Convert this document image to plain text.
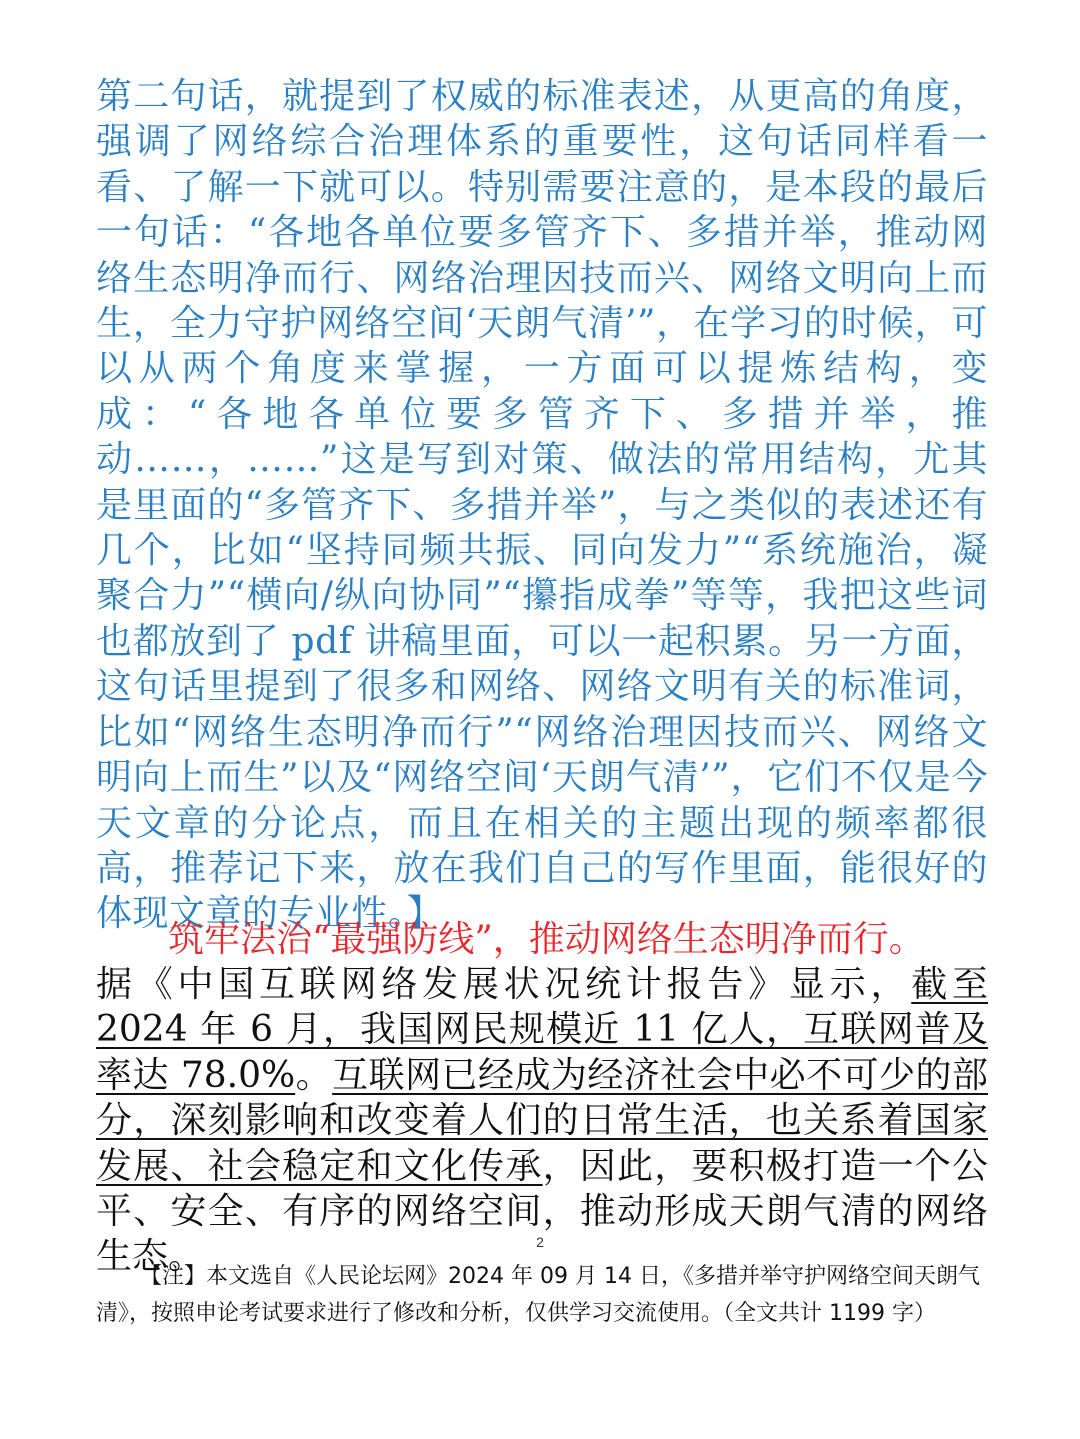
第二句话，就提到了权威的标准表述，从更高的角度，强调了网络综合治理体系的重要性，这句话同样看一看、了解一下就可以。特别需要注意的，是本段的最后一句话：“各地各单位要多管齐下、多措并举，推动网络生态明净而行、网络治理因技而兴、网络文明向上而生，全力守护网络空间‘天朗气清’”，在学习的时候，可以从两个角度来掌握，一方面可以提炼结构，变成：“各地各单位要多管齐下、多措并举，推动……，……”这是写到对策、做法的常用结构，尤其是里面的“多管齐下、多措并举”，与之类似的表述还有几个，比如“坚持同频共振、同向发力”“系统施治，凝聚合力”“横向/纵向协同”“攥指成拳”等等，我把这些词也都放到了 pdf 讲稿里面，可以一起积累。另一方面，这句话里提到了很多和网络、网络文明有关的标准词，比如“网络生态明净而行”“网络治理因技而兴、网络文明向上而生”以及“网络空间‘天朗气清’”，它们不仅是今天文章的分论点，而且在相关的主题出现的频率都很高，推荐记下来，放在我们自己的写作里面，能很好的体现文章的专业性。】

筑牢法治“最强防线”，推动网络生态明净而行。

据《中国互联网络发展状况统计报告》显示，截至 2024 年 6 月，我国网民规模近 11 亿人，互联网普及率达 78.0%。互联网已经成为经济社会中必不可少的部分，深刻影响和改变着人们的日常生活，也关系着国家发展、社会稳定和文化传承，因此，要积极打造一个公平、安全、有序的网络空间，推动形成天朗气清的网络生态。	2

【注】本文选自《人民论坛网》2024 年 09 月 14 日，《多措并举守护网络空间天朗气清》，按照申论考试要求进行了修改和分析，仅供学习交流使用。（全文共计 1199 字）
